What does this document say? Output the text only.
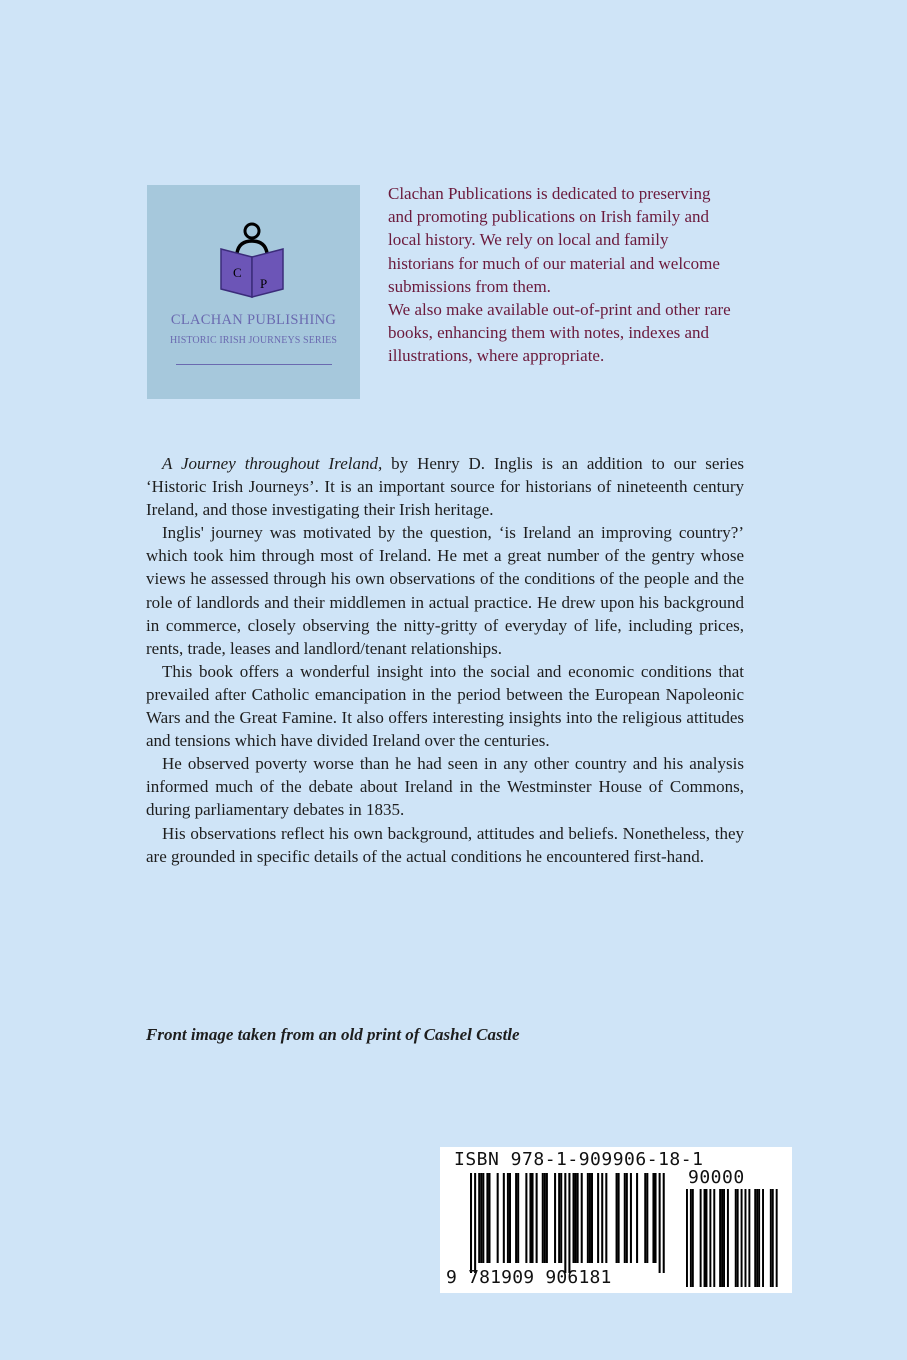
C
P
CLACHAN PUBLISHING
HISTORIC IRISH JOURNEYS SERIES

Clachan Publications is dedicated to preserving and promoting publications on Irish family and local history. We rely on local and family historians for much of our material and welcome submissions from them.

We also make available out-of-print and other rare books, enhancing them with notes, indexes and illustrations, where appropriate.

A Journey throughout Ireland, by Henry D. Inglis is an addition to our series ‘Historic Irish Journeys’. It is an important source for historians of nineteenth century Ireland, and those investigating their Irish heritage.

Inglis' journey was motivated by the question, ‘is Ireland an improving country?’ which took him through most of Ireland. He met a great number of the gentry whose views he assessed through his own observations of the conditions of the people and the role of landlords and their middlemen in actual practice. He drew upon his background in commerce, closely observing the nitty-gritty of everyday of life, including prices, rents, trade, leases and landlord/tenant relationships.

This book offers a wonderful insight into the social and economic conditions that prevailed after Catholic emancipation in the period between the European Napoleonic Wars and the Great Famine. It also offers interesting insights into the religious attitudes and tensions which have divided Ireland over the centuries.

He observed poverty worse than he had seen in any other country and his analysis informed much of the debate about Ireland in the Westminster House of Commons, during parliamentary debates in 1835.

His observations reflect his own background, attitudes and beliefs. Nonetheless, they are grounded in specific details of the actual conditions he encountered first-hand.

Front image taken from an old print of Cashel Castle
ISBN 978-1-909906-18-1
90000
9 781909 906181
